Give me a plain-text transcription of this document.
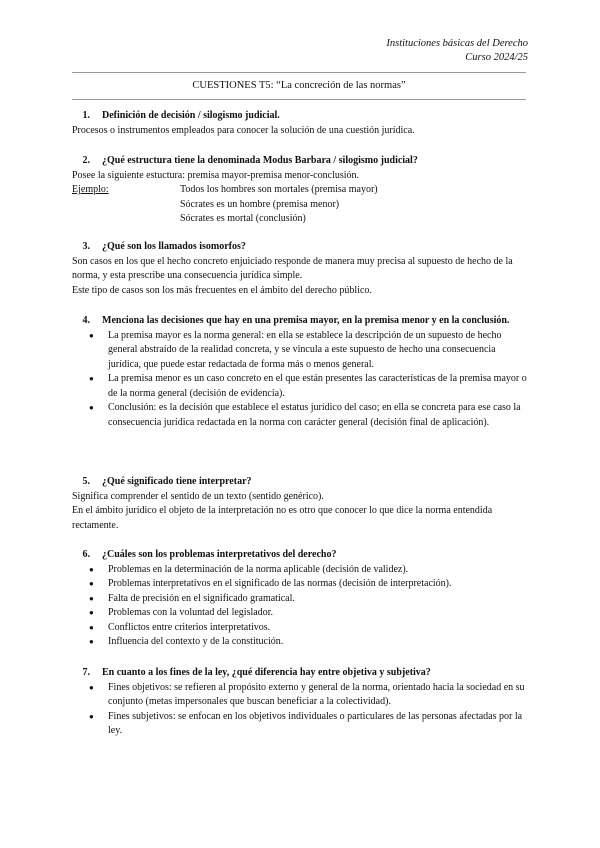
Instituciones básicas del Derecho
Curso 2024/25
CUESTIONES T5: “La concreción de las normas”
1.	Definición de decisión / silogismo judicial.

Procesos o instrumentos empleados para conocer la solución de una cuestión jurídica.

2.	¿Qué estructura tiene la denominada Modus Barbara / silogismo judicial?

Posee la siguiente estuctura: premisa mayor-premisa menor-conclusión.

Ejemplo:	Todos los hombres son mortales (premisa mayor)
Sócrates es un hombre (premisa menor)
Sócrates es mortal (conclusión)
3.	¿Qué son los llamados isomorfos?

Son casos en los que el hecho concreto enjuiciado responde de manera muy precisa al supuesto de hecho de la norma, y esta prescribe una consecuencia jurídica simple.

Este tipo de casos son los más frecuentes en el ámbito del derecho público.

4.	Menciona las decisiones que hay en una premisa mayor, en la premisa menor y en la conclusión.
● La premisa mayor es la norma general: en ella se establece la descripción de un supuesto de hecho general abstraído de la realidad concreta, y se vincula a este supuesto de hecho una consecuencia jurídica, que puede estar redactada de forma más o menos general.
● La premisa menor es un caso concreto en el que están presentes las características de la premisa mayor o de la norma general (decisión de evidencia).
● Conclusión: es la decisión que establece el estatus jurídico del caso; en ella se concreta para ese caso la consecuencia jurídica redactada en la norma con carácter general (decisión final de aplicación).
5.	¿Qué significado tiene interpretar?

Significa comprender el sentido de un texto (sentido genérico).

En el ámbito jurídico el objeto de la interpretación no es otro que conocer lo que dice la norma entendida rectamente.

6.	¿Cuáles son los problemas interpretativos del derecho?
● Problemas en la determinación de la norma aplicable (decisión de validez).
● Problemas interpretativos en el significado de las normas (decisión de interpretación).
● Falta de precisión en el significado gramatical.
● Problemas con la voluntad del legislador.
● Conflictos entre criterios interpretativos.
● Influencia del contexto y de la constitución.
7.	En cuanto a los fines de la ley, ¿qué diferencia hay entre objetiva y subjetiva?
● Fines objetivos: se refieren al propósito externo y general de la norma, orientado hacia la sociedad en su conjunto (metas impersonales que buscan beneficiar a la colectividad).
● Fines subjetivos: se enfocan en los objetivos individuales o particulares de las personas afectadas por la ley.
